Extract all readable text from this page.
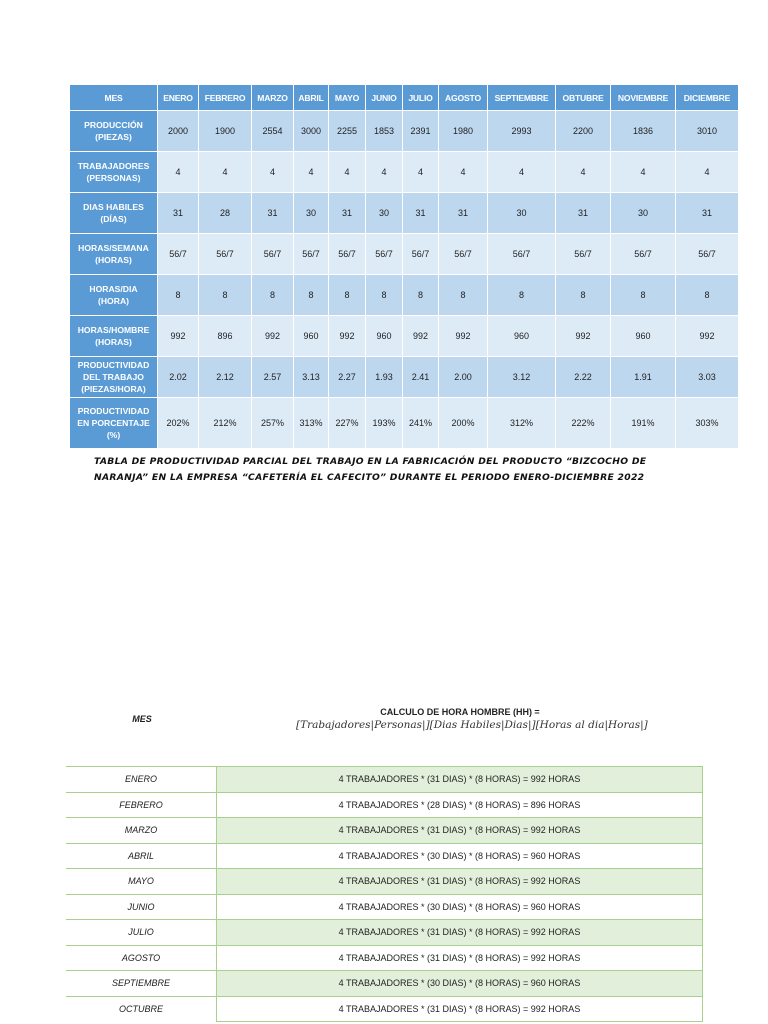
MES	ENERO	FEBRERO	MARZO	ABRIL	MAYO	JUNIO	JULIO	AGOSTO	SEPTIEMBRE	OBTUBRE	NOVIEMBRE	DICIEMBRE

PRODUCCIÓN
(PIEZAS)	2000	1900	2554	3000	2255	1853	2391	1980	2993	2200	1836	3010

TRABAJADORES
(PERSONAS)	4	4	4	4	4	4	4	4	4	4	4	4

DIAS HABILES
(DÍAS)	31	28	31	30	31	30	31	31	30	31	30	31

HORAS/SEMANA
(HORAS)	56/7	56/7	56/7	56/7	56/7	56/7	56/7	56/7	56/7	56/7	56/7	56/7

HORAS/DIA
(HORA)	8	8	8	8	8	8	8	8	8	8	8	8

HORAS/HOMBRE
(HORAS)	992	896	992	960	992	960	992	992	960	992	960	992

PRODUCTIVIDAD
DEL TRABAJO
(PIEZAS/HORA)	2.02	2.12	2.57	3.13	2.27	1.93	2.41	2.00	3.12	2.22	1.91	3.03

PRODUCTIVIDAD
EN PORCENTAJE
(%)	202%	212%	257%	313%	227%	193%	241%	200%	312%	222%	191%	303%
TABLA DE PRODUCTIVIDAD PARCIAL DEL TRABAJO EN LA FABRICACIÓN DEL PRODUCTO “BIZCOCHO DE
NARANJA” EN LA EMPRESA “CAFETERÍA EL CAFECITO” DURANTE EL PERIODO ENERO-DICIEMBRE 2022
MES
CALCULO DE HORA HOMBRE (HH) =
[Trabajadores|Personas|][Dias Habiles|Dias|][Horas al dia|Horas|]
ENERO	4 TRABAJADORES * (31 DIAS) * (8 HORAS) = 992 HORAS
FEBRERO	4 TRABAJADORES * (28 DIAS) * (8 HORAS) = 896 HORAS
MARZO	4 TRABAJADORES * (31 DIAS) * (8 HORAS) = 992 HORAS
ABRIL	4 TRABAJADORES * (30 DIAS) * (8 HORAS) = 960 HORAS
MAYO	4 TRABAJADORES * (31 DIAS) * (8 HORAS) = 992 HORAS
JUNIO	4 TRABAJADORES * (30 DIAS) * (8 HORAS) = 960 HORAS
JULIO	4 TRABAJADORES * (31 DIAS) * (8 HORAS) = 992 HORAS
AGOSTO	4 TRABAJADORES * (31 DIAS) * (8 HORAS) = 992 HORAS
SEPTIEMBRE	4 TRABAJADORES * (30 DIAS) * (8 HORAS) = 960 HORAS
OCTUBRE	4 TRABAJADORES * (31 DIAS) * (8 HORAS) = 992 HORAS
